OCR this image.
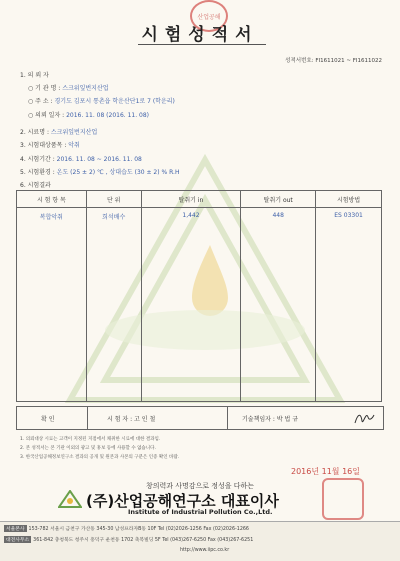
산업공해
시험성적서
성적서번호: FI1611021 ~ FI1611022
1. 의 뢰 자
○ 기 관 명 : 스크위잎번지산업
○ 주 소 : 경기도 김포시 통촌읍 학운산단1로 7 (학운리)
○ 의뢰 일자 : 2016. 11. 08 (2016. 11. 08)
2. 시료명 : 스크위잎번지산업
3. 시험대상품목 : 악취
4. 시험기간 : 2016. 11. 08 ~ 2016. 11. 08
5. 시험환경 : 온도 (25 ± 2) ℃ , 상대습도 (30 ± 2) % R.H
6. 시험결과
시 험 항 목	단 위	탈취기 in	탈취기 out	시험방법
복합악취	희석배수	1,442	448	ES 03301
확 인	시 험 자 : 고 인 철	기술책임자 : 박 법 규
1. 의뢰대상 시료는 고객이 지정된 지점에서 채취한 시료에 대한 결과임.
2. 본 성적서는 본 기관 이외의 광고 및 홍보 등에 사용할 수 없습니다.
3. 한국산업공해정보연구소 결과의 공개 및 원본과 사본의 구분은 인증 확인 바람.
2016년 11월 16일
창의력과 사명감으로 정성을 다하는
(주)산업공해연구소 대표이사
Institute of Industrial Pollution Co.,Ltd.
서울본사 153-782 서울시 금천구 가산동 345-30 남성프라자B동 10F Tel (02)2026-1256 Fax (02)2026-1266
대전사무소 361-842 충청북도 청주시 흥덕구 운천동 1702 축복빌딩 5F Tel (043)267-6250 Fax (043)267-6251
http://www.iipc.co.kr
